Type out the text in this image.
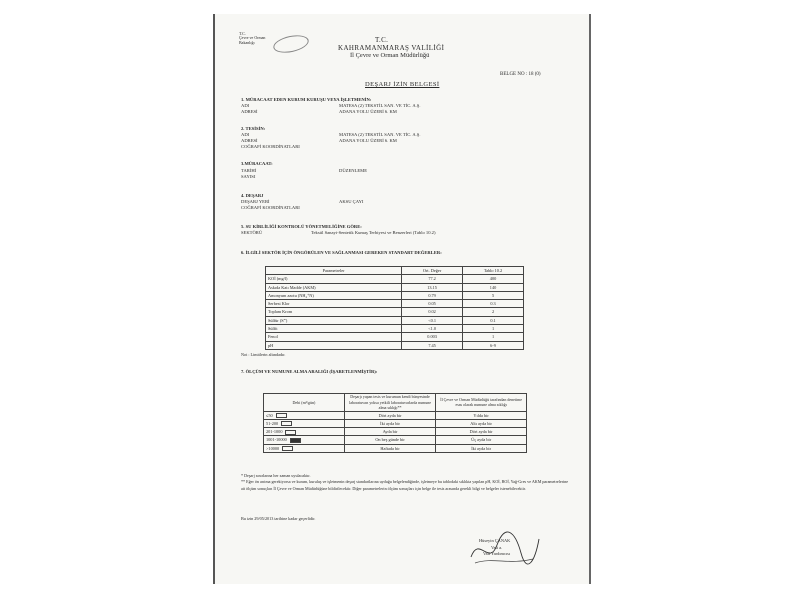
T.C.
Çevre ve Orman
Bakanlığı	T.C.
KAHRAMANMARAŞ VALİLİĞİ
İl Çevre ve Orman Müdürlüğü
BELGE NO : 18 (0)
DEŞARJ İZİN BELGESİ
1. MÜRACAAT EDEN KURUM KURUŞU VEYA İŞLETMENİN:
ADI	MATESA (2) TEKSTİL SAN. VE TİC. A.Ş.
ADRESİ	ADANA YOLU ÜZERİ 6. KM
2. TESİSİN:
ADI	MATESA (2) TEKSTİL SAN. VE TİC. A.Ş.
ADRESİ	ADANA YOLU ÜZERİ 6. KM
COĞRAFİ KOORDİNATLARI
3.MÜRACAAT:
TARİHİ	DÜZENLEME
SAYISI
4. DEŞARJ
DEŞARJ YERİ	AKSU ÇAYI
COĞRAFİ KOORDİNATLARI
5. SU KİRLİLİĞİ KONTROLÜ YÖNETMELİĞİNE GÖRE:
SEKTÖRÜ	Tekstil Sanayi-Sentetik Kumaş Terbiyesi ve Benzerleri (Tablo 10.2)
6. İLGİLİ SEKTÖR İÇİN ÖNGÖRÜLEN VE SAĞLANMASI GEREKEN STANDART DEĞERLER:
Parametreler	Ort. Değer	Tablo 10.2
KOİ (mg/l)	77.2	400
Askıda Katı Madde (AKM)	13.15	140
Amonyum azotu (NH₄⁺N)	0.79	5
Serbest Klor	0.05	0.3
Toplam Krom	0.02	2
Sülfür (S⁼)	<0.1	0.1
Sülfit	<1.0	1
Fenol	0.003	1
pH	7.45	6-9
Not : Limitlerin altındadır.
7. ÖLÇÜM VE NUMUNE ALMA ARALIĞI (İŞARETLENMİŞTİR):
Debi (m³/gün)	Deşarjı yapan tesis ve kurumun kendi bünyesinde laboratuvarı yoksa yetkili laboratuvarlarda numune alma sıklığı**	İl Çevre ve Orman Müdürlüğü tarafından denetime esas olarak numune alma sıklığı
≤50	Dört ayda bir	Yılda bir
51-200	İki ayda bir	Altı ayda bir
201-1000	Ayda bir	Dört ayda bir
1001-10000	On beş günde bir	Üç ayda bir
>10000	Haftada bir	İki ayda bir
* Deşarj sınırlarına her zaman uyulacaktır.
** Eğer ön arıtma gerekiyorsa ve kurum, kuruluş ve işletmenin deşarj standartlarına uyduğu belgelendiğinde, işletmeye bu tablodaki sıklıkta yapılan pH, KOİ, BOİ, Yağ-Gres ve AKM parametrelerine ait ölçüm sonuçları İl Çevre ve Orman Müdürlüğüne bildirilecektir. Diğer parametrelerin ölçüm sonuçları için belge ile tesis arasında gerekli bilgi ve belgeler istenebilecektir.
Bu izin 29/05/2013 tarihine kadar geçerlidir.
Hüseyin ÇANAK
Vali a.
Vali Yardımcısı
